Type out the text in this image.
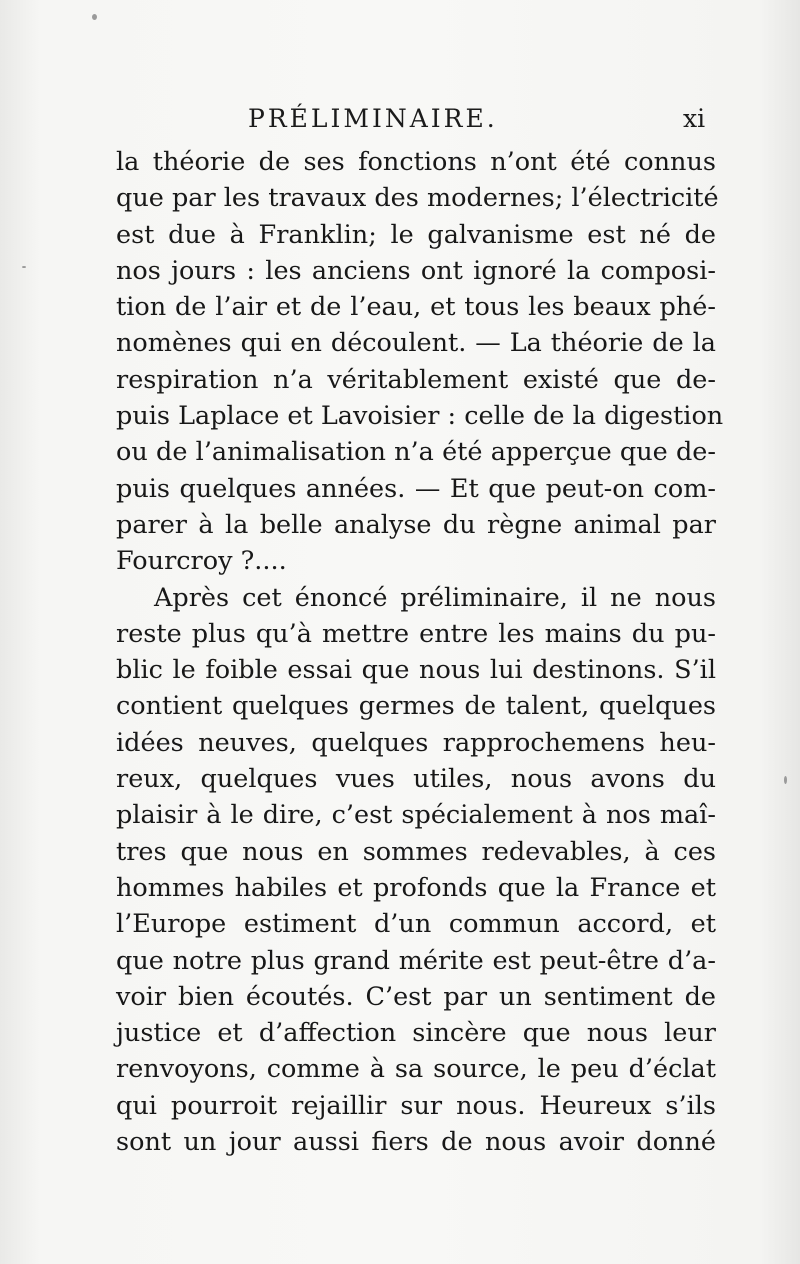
PRÉLIMINAIRE.	xi
la théorie de ses fonctions n’ont été connus
que par les travaux des modernes; l’électricité
est due à Franklin; le galvanisme est né de
nos jours : les anciens ont ignoré la composi-
tion de l’air et de l’eau, et tous les beaux phé-
nomènes qui en découlent. — La théorie de la
respiration n’a véritablement existé que de-
puis Laplace et Lavoisier : celle de la digestion
ou de l’animalisation n’a été apperçue que de-
puis quelques années. — Et que peut-on com-
parer à la belle analyse du règne animal par
Fourcroy ?....
Après cet énoncé préliminaire, il ne nous
reste plus qu’à mettre entre les mains du pu-
blic le foible essai que nous lui destinons. S’il
contient quelques germes de talent, quelques
idées neuves, quelques rapprochemens heu-
reux, quelques vues utiles, nous avons du
plaisir à le dire, c’est spécialement à nos maî-
tres que nous en sommes redevables, à ces
hommes habiles et profonds que la France et
l’Europe estiment d’un commun accord, et
que notre plus grand mérite est peut-être d’a-
voir bien écoutés. C’est par un sentiment de
justice et d’affection sincère que nous leur
renvoyons, comme à sa source, le peu d’éclat
qui pourroit rejaillir sur nous. Heureux s’ils
sont un jour aussi fiers de nous avoir donné
